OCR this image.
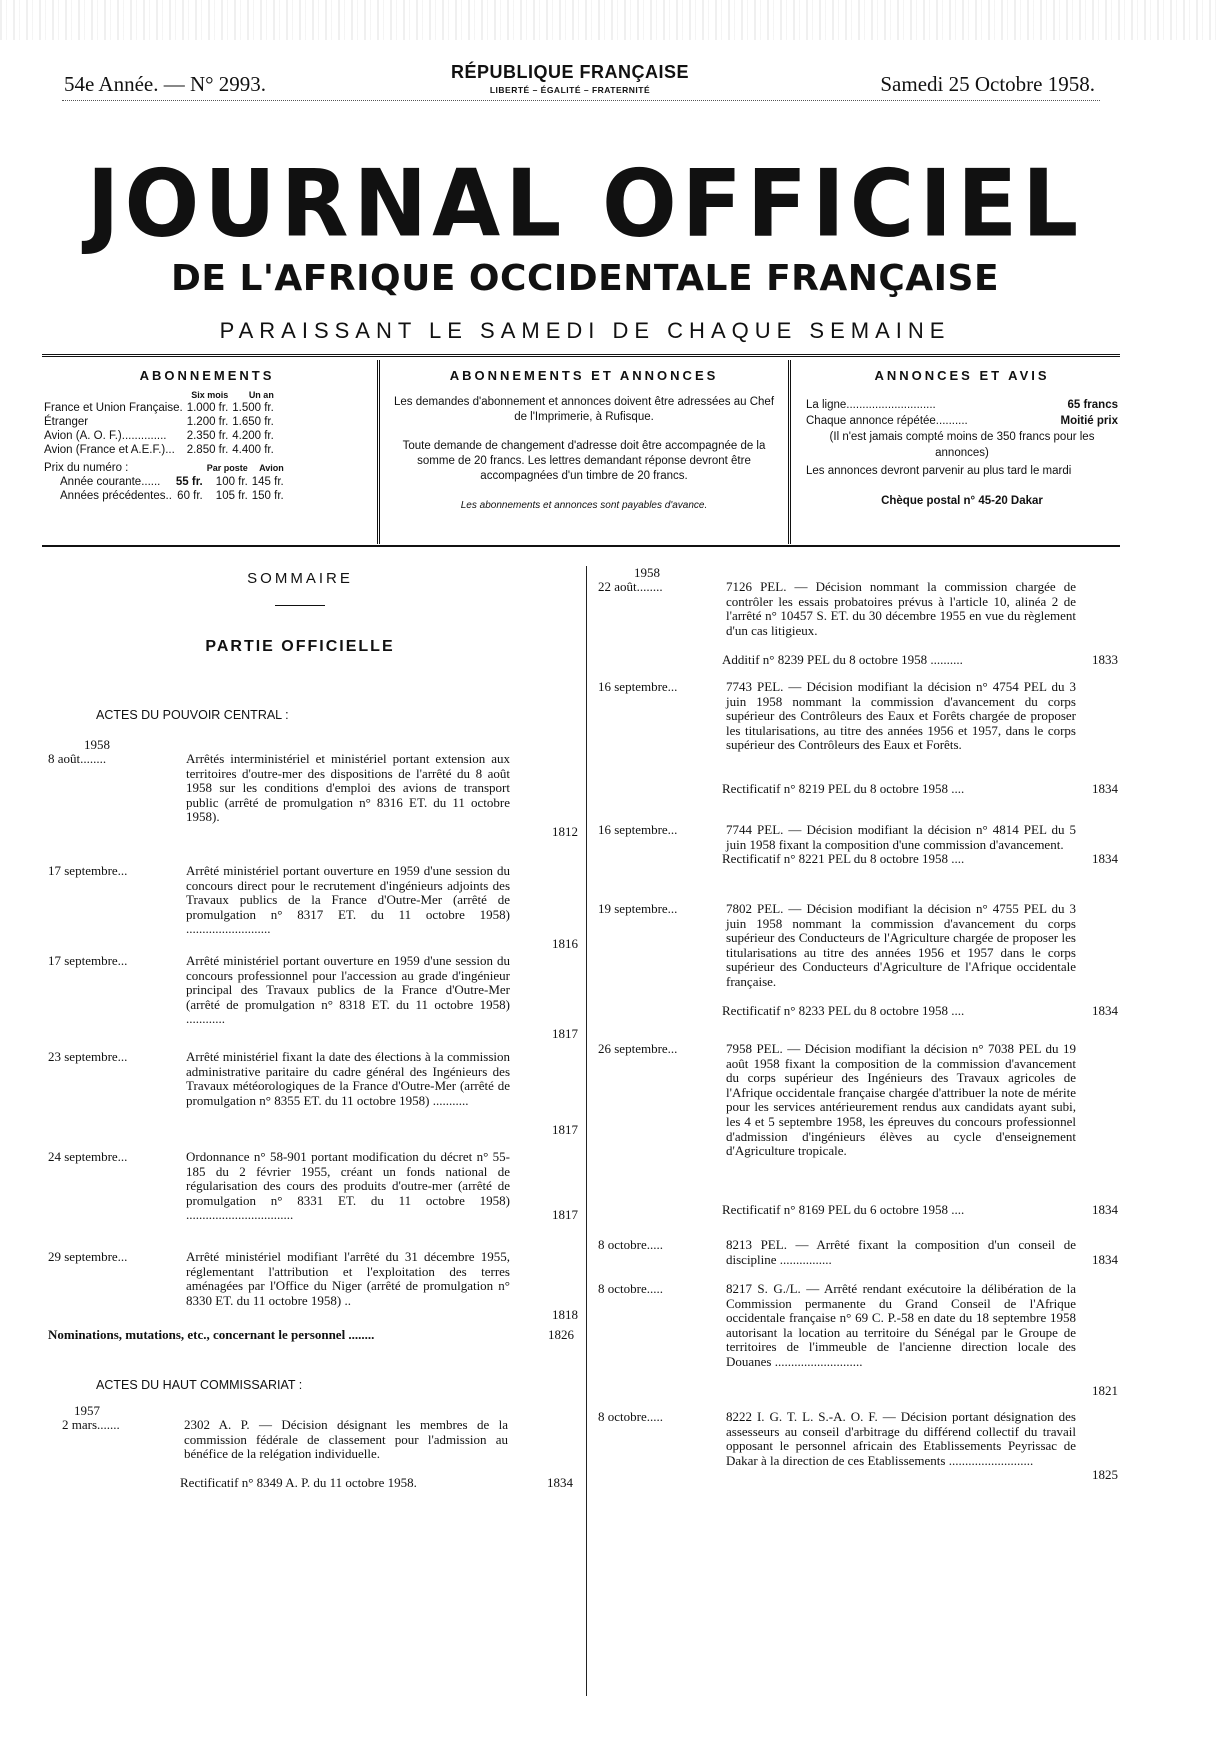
54e Année. — N° 2993.	RÉPUBLIQUE FRANÇAISE
LIBERTÉ – ÉGALITÉ – FRATERNITÉ	Samedi 25 Octobre 1958.
JOURNAL OFFICIEL
DE L'AFRIQUE OCCIDENTALE FRANÇAISE
PARAISSANT LE SAMEDI DE CHAQUE SEMAINE
ABONNEMENTS
	Six mois	Un an
France et Union Française.	1.000 fr.	1.500 fr.
Étranger	1.200 fr.	1.650 fr.
Avion (A. O. F.)..............	2.350 fr.	4.200 fr.
Avion (France et A.E.F.)...	2.850 fr.	4.400 fr.
Prix du numéro :		Par poste	Avion
Année courante......	55 fr.	100 fr.	145 fr.
Années précédentes..	60 fr.	105 fr.	150 fr.
ABONNEMENTS ET ANNONCES
Les demandes d'abonnement et annonces doivent être adressées au Chef de l'Imprimerie, à Rufisque.
Toute demande de changement d'adresse doit être accompagnée de la somme de 20 francs. Les lettres demandant réponse devront être accompagnées d'un timbre de 20 francs.
Les abonnements et annonces sont payables d'avance.
ANNONCES ET AVIS
La ligne............................	65 francs
Chaque annonce répétée..........	Moitié prix
(Il n'est jamais compté moins de 350 francs pour les annonces)
Les annonces devront parvenir au plus tard le mardi
Chèque postal n° 45-20 Dakar
SOMMAIRE
PARTIE OFFICIELLE
ACTES DU POUVOIR CENTRAL :
1958
8 août........	Arrêtés interministériel et ministériel portant extension aux territoires d'outre-mer des dispositions de l'arrêté du 8 août 1958 sur les conditions d'emploi des avions de transport public (arrêté de promulgation n° 8316 ET. du 11 octobre 1958).
1812
17 septembre...	Arrêté ministériel portant ouverture en 1959 d'une session du concours direct pour le recrutement d'ingénieurs adjoints des Travaux publics de la France d'Outre-Mer (arrêté de promulgation n° 8317 ET. du 11 octobre 1958) ..........................
1816
17 septembre...	Arrêté ministériel portant ouverture en 1959 d'une session du concours professionnel pour l'accession au grade d'ingénieur principal des Travaux publics de la France d'Outre-Mer (arrêté de promulgation n° 8318 ET. du 11 octobre 1958) ............
1817
23 septembre...	Arrêté ministériel fixant la date des élections à la commission administrative paritaire du cadre général des Ingénieurs des Travaux météorologiques de la France d'Outre-Mer (arrêté de promulgation n° 8355 ET. du 11 octobre 1958) ...........
1817
24 septembre...	Ordonnance n° 58-901 portant modification du décret n° 55-185 du 2 février 1955, créant un fonds national de régularisation des cours des produits d'outre-mer (arrêté de promulgation n° 8331 ET. du 11 octobre 1958) .................................	1817
29 septembre...	Arrêté ministériel modifiant l'arrêté du 31 décembre 1955, réglementant l'attribution et l'exploitation des terres aménagées par l'Office du Niger (arrêté de promulgation n° 8330 ET. du 11 octobre 1958) ..
1818
Nominations, mutations, etc., concernant le personnel ........	1826
ACTES DU HAUT COMMISSARIAT :
1957
2 mars.......	2302 A. P. — Décision désignant les membres de la commission fédérale de classement pour l'admission au bénéfice de la relégation individuelle.
Rectificatif n° 8349 A. P. du 11 octobre 1958.	1834
1958
22 août........	7126 PEL. — Décision nommant la commission chargée de contrôler les essais probatoires prévus à l'article 10, alinéa 2 de l'arrêté n° 10457 S. ET. du 30 décembre 1955 en vue du règlement d'un cas litigieux.
Additif n° 8239 PEL du 8 octobre 1958 ..........	1833
16 septembre...	7743 PEL. — Décision modifiant la décision n° 4754 PEL du 3 juin 1958 nommant la commission d'avancement du corps supérieur des Contrôleurs des Eaux et Forêts chargée de proposer les titularisations, au titre des années 1956 et 1957, dans le corps supérieur des Contrôleurs des Eaux et Forêts.
Rectificatif n° 8219 PEL du 8 octobre 1958 ....	1834
16 septembre...	7744 PEL. — Décision modifiant la décision n° 4814 PEL du 5 juin 1958 fixant la composition d'une commission d'avancement.
Rectificatif n° 8221 PEL du 8 octobre 1958 ....	1834
19 septembre...	7802 PEL. — Décision modifiant la décision n° 4755 PEL du 3 juin 1958 nommant la commission d'avancement du corps supérieur des Conducteurs de l'Agriculture chargée de proposer les titularisations au titre des années 1956 et 1957 dans le corps supérieur des Conducteurs d'Agriculture de l'Afrique occidentale française.
Rectificatif n° 8233 PEL du 8 octobre 1958 ....	1834
26 septembre...	7958 PEL. — Décision modifiant la décision n° 7038 PEL du 19 août 1958 fixant la composition de la commission d'avancement du corps supérieur des Ingénieurs des Travaux agricoles de l'Afrique occidentale française chargée d'attribuer la note de mérite pour les services antérieurement rendus aux candidats ayant subi, les 4 et 5 septembre 1958, les épreuves du concours professionnel d'admission d'ingénieurs élèves au cycle d'enseignement d'Agriculture tropicale.
Rectificatif n° 8169 PEL du 6 octobre 1958 ....	1834
8 octobre.....	8213 PEL. — Arrêté fixant la composition d'un conseil de discipline ................	1834
8 octobre.....	8217 S. G./L. — Arrêté rendant exécutoire la délibération de la Commission permanente du Grand Conseil de l'Afrique occidentale française n° 69 C. P.-58 en date du 18 septembre 1958 autorisant la location au territoire du Sénégal par le Groupe de territoires de l'immeuble de l'ancienne direction locale des Douanes ...........................
1821
8 octobre.....	8222 I. G. T. L. S.-A. O. F. — Décision portant désignation des assesseurs au conseil d'arbitrage du différend collectif du travail opposant le personnel africain des Etablissements Peyrissac de Dakar à la direction de ces Etablissements ..........................
1825
